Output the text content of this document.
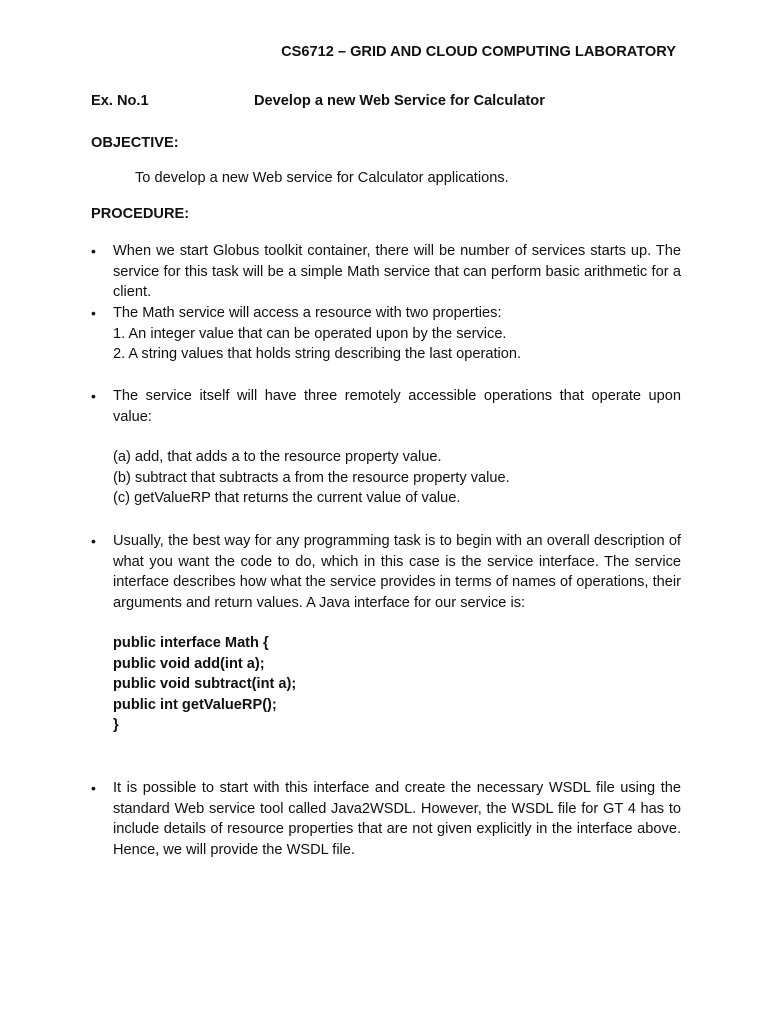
CS6712 – GRID AND CLOUD COMPUTING LABORATORY
Ex. No.1	Develop a new Web Service for Calculator
OBJECTIVE:
To develop a new Web service for Calculator applications.
PROCEDURE:
• When we start Globus toolkit container, there will be number of services starts up. The service for this task will be a simple Math service that can perform basic arithmetic for a client.
• The Math service will access a resource with two properties:
1. An integer value that can be operated upon by the service.
2. A string values that holds string describing the last operation.
• The service itself will have three remotely accessible operations that operate upon value:
(a) add, that adds a to the resource property value.
(b) subtract that subtracts a from the resource property value.
(c) getValueRP that returns the current value of value.
• Usually, the best way for any programming task is to begin with an overall description of what you want the code to do, which in this case is the service interface. The service interface describes how what the service provides in terms of names of operations, their arguments and return values. A Java interface for our service is:
public interface Math {
public void add(int a);
public void subtract(int a);
public int getValueRP();
}
• It is possible to start with this interface and create the necessary WSDL file using the standard Web service tool called Java2WSDL. However, the WSDL file for GT 4 has to include details of resource properties that are not given explicitly in the interface above. Hence, we will provide the WSDL file.
